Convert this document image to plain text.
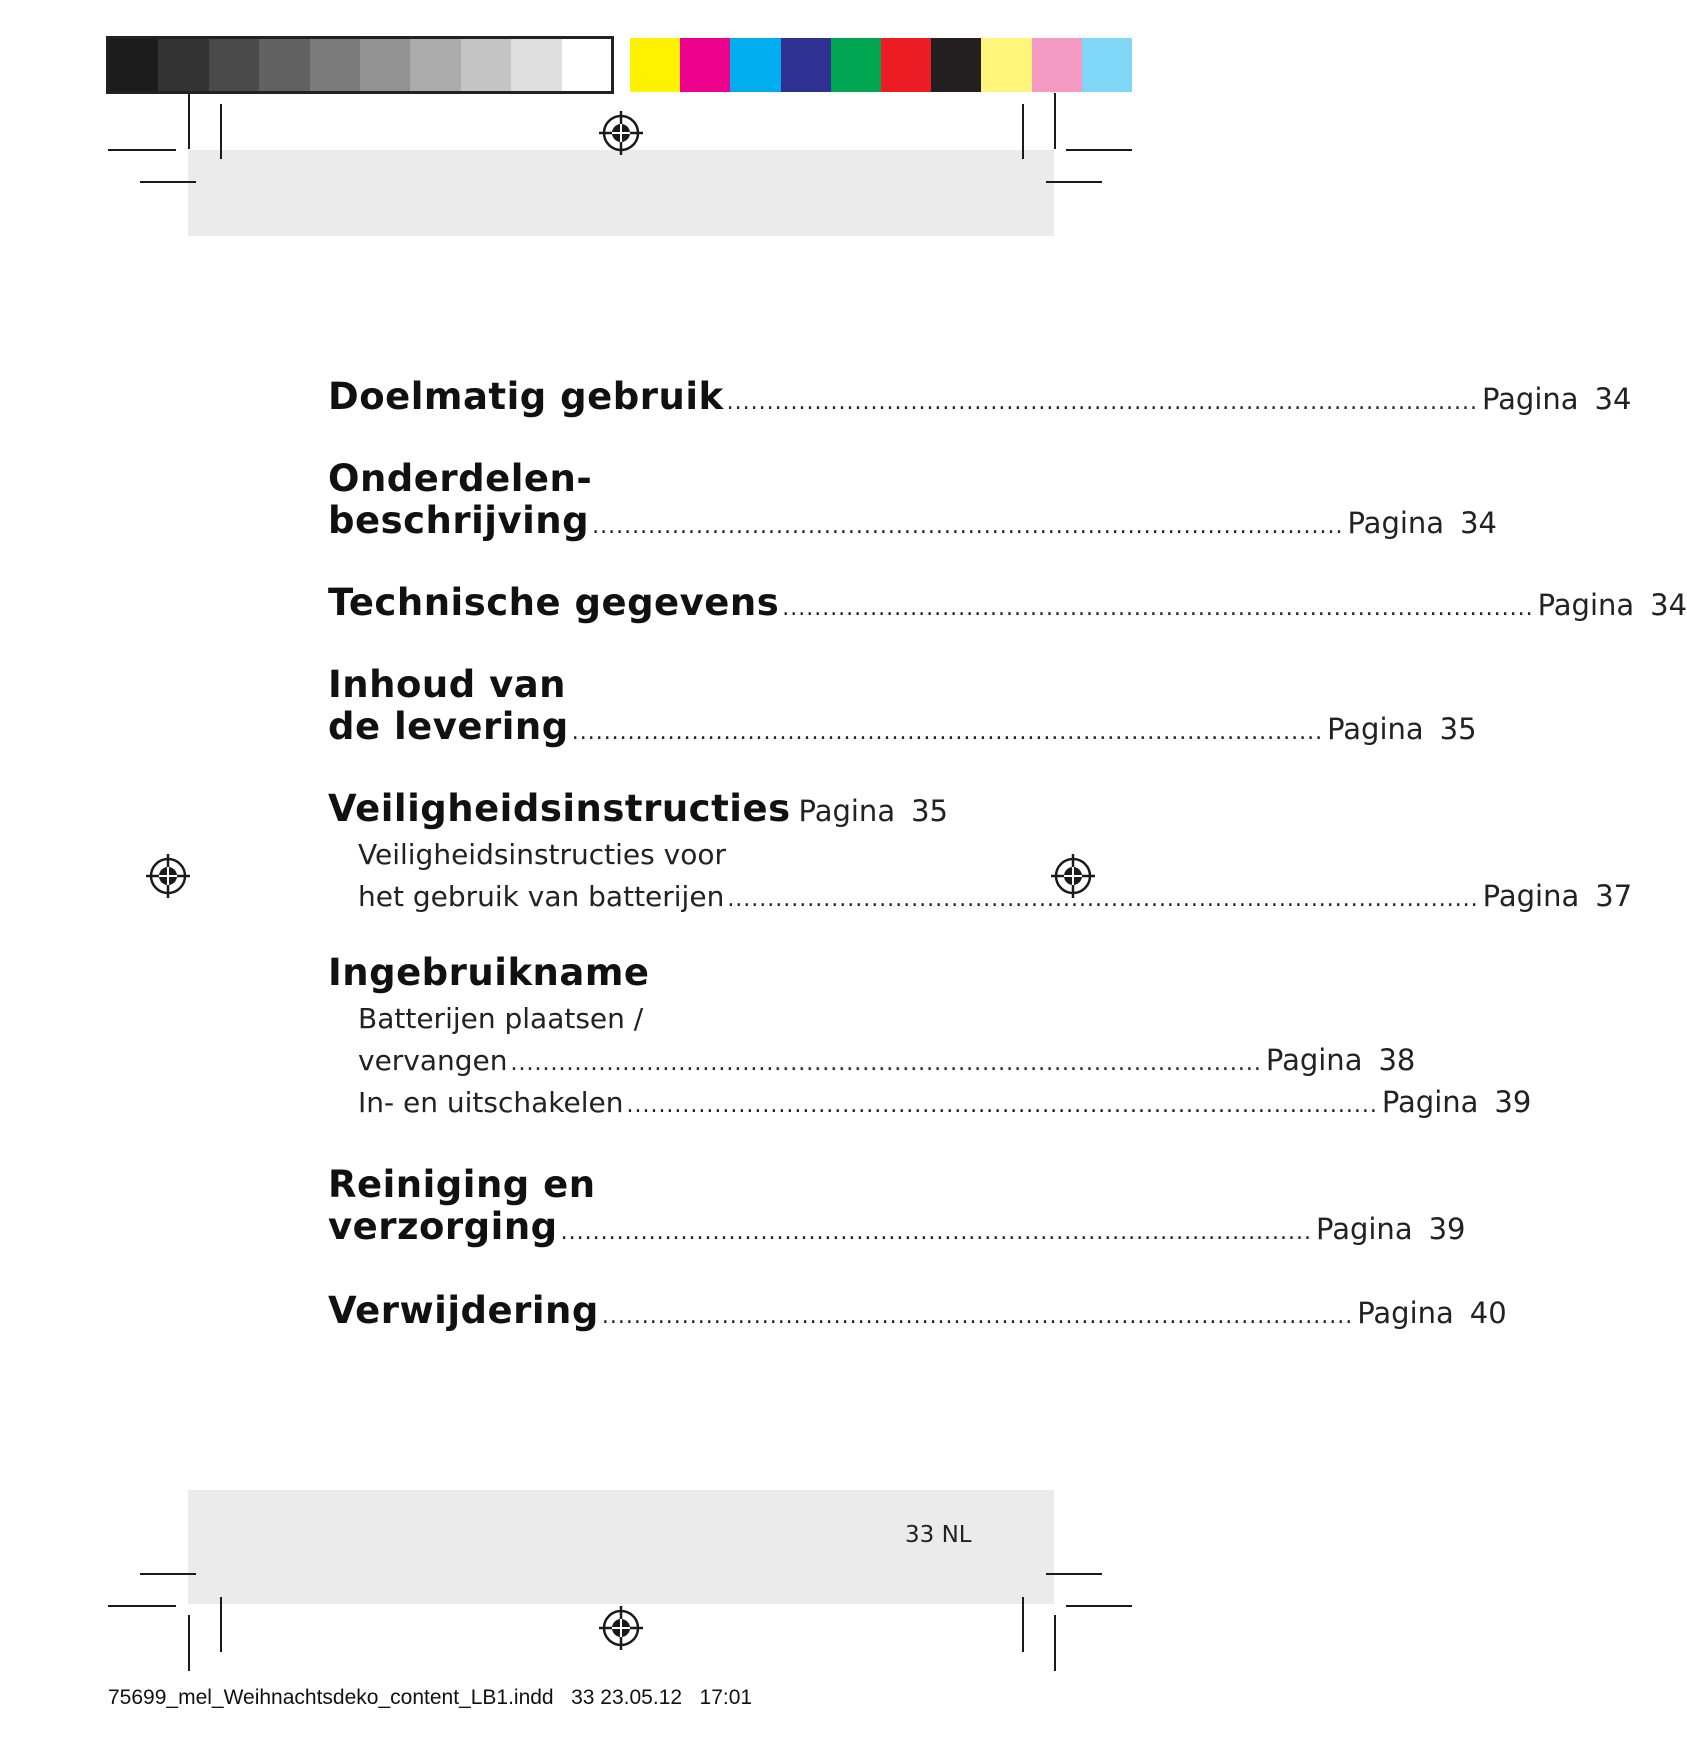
Doelmatig gebruik .............................................................................................. Pagina 34
Onderdelen-
beschrijving .............................................................................................. Pagina 34
Technische gegevens .............................................................................................. Pagina 34
Inhoud van
de levering .............................................................................................. Pagina 35
Veiligheidsinstructies Pagina 35
Veiligheidsinstructies voor
het gebruik van batterijen .............................................................................................. Pagina 37
Ingebruikname
Batterijen plaatsen /
vervangen .............................................................................................. Pagina 38
In- en uitschakelen .............................................................................................. Pagina 39
Reiniging en
verzorging .............................................................................................. Pagina 39
Verwijdering .............................................................................................. Pagina 40
33 NL
75699_mel_Weihnachtsdeko_content_LB1.indd   33 23.05.12   17:01
